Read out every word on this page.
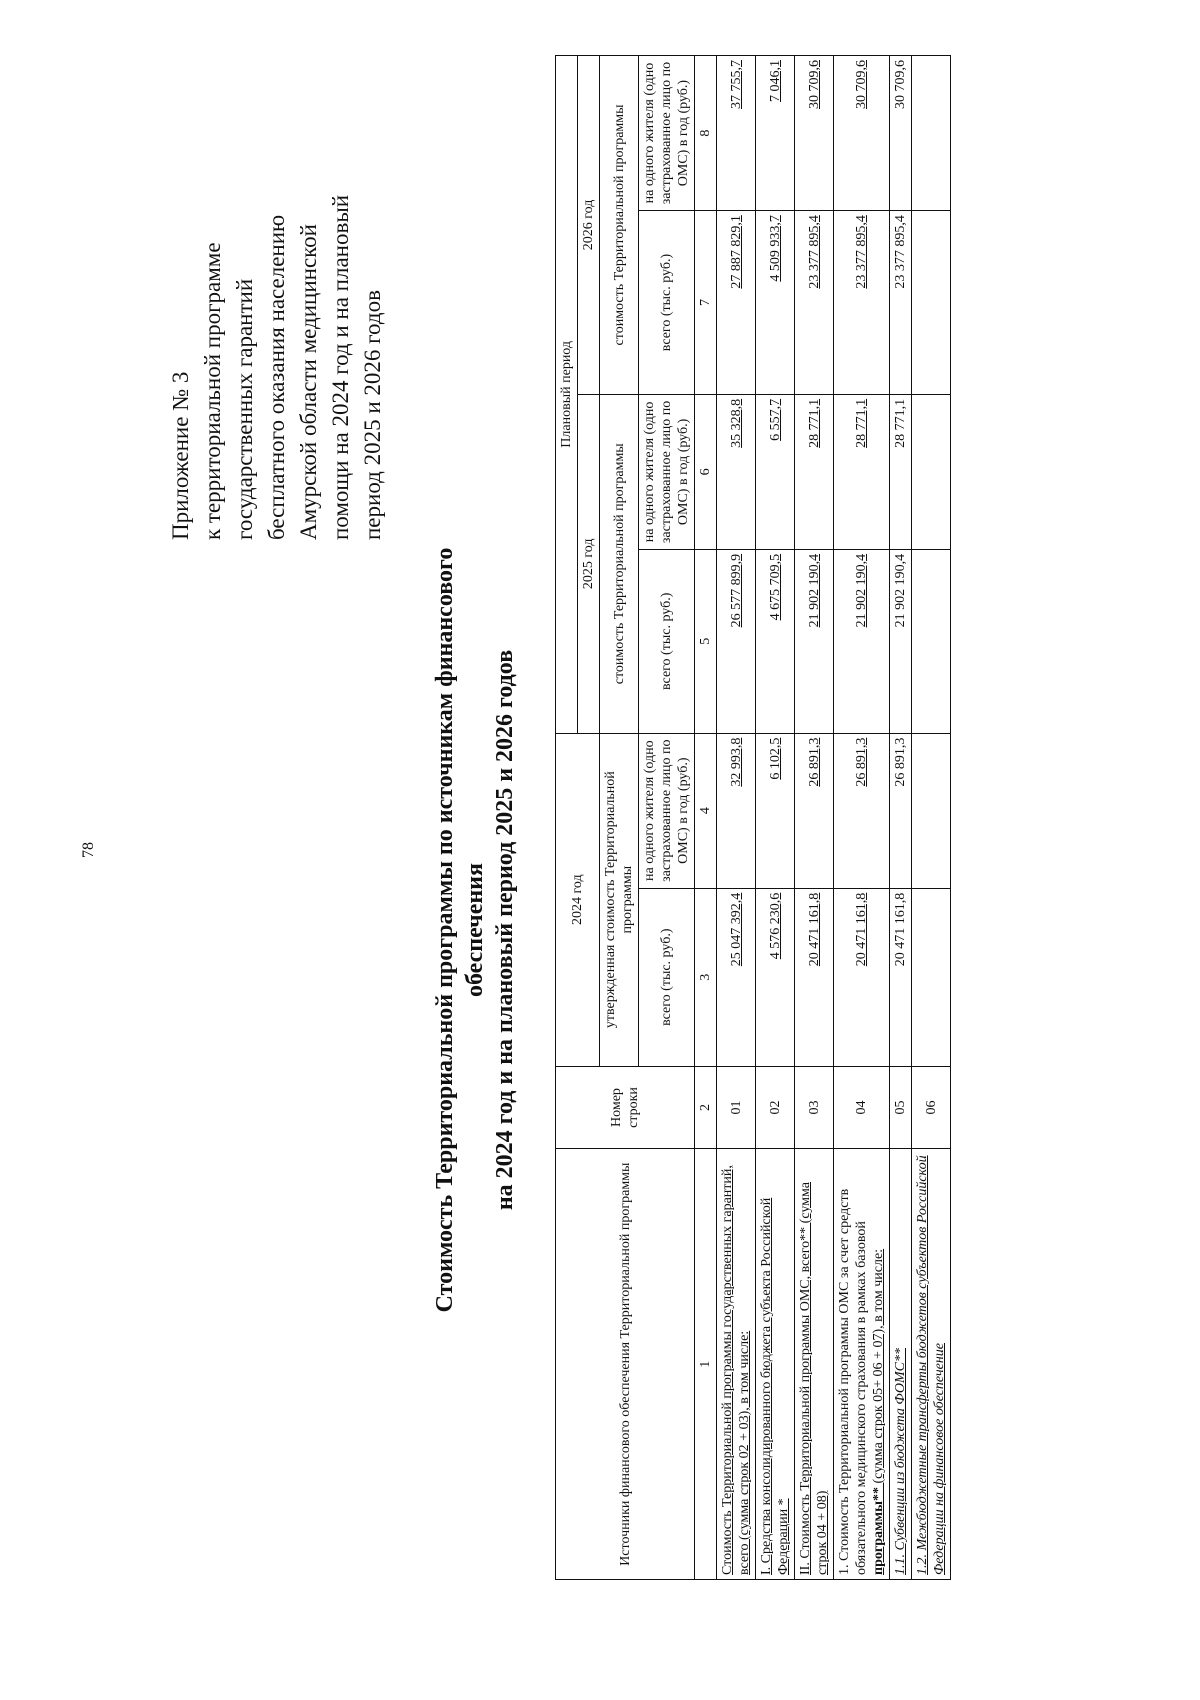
78
Приложение № 3 к территориальной программе государственных гарантий бесплатного оказания населению Амурской области медицинской помощи на 2024 год и на плановый период 2025 и 2026 годов
Стоимость Территориальной программы по источникам финансового обеспечения на 2024 год и на плановый период 2025 и 2026 годов
Источники финансового обеспечения Территориальной программы	Номер строки	2024 год		Плановый период			
				2025 год		2026 год	
		утвержденная стоимость Территориальной программы		стоимость Территориальной программы		стоимость Территориальной программы	
		всего (тыс. руб.)	на одного жителя (одно застрахованное лицо по ОМС) в год (руб.)	всего (тыс. руб.)	на одного жителя (одно застрахованное лицо по ОМС) в год (руб.)	всего (тыс. руб.)	на одного жителя (одно застрахованное лицо по ОМС) в год (руб.)
1	2	3	4	5	6	7	8
Стоимость Территориальной программы государственных гарантий, всего (сумма строк 02 + 03), в том числе:	01	25 047 392,4	32 993,8	26 577 899,9	35 328,8	27 887 829,1	37 755,7
I. Средства консолидированного бюджета субъекта Российской Федерации *	02	4 576 230,6	6 102,5	4 675 709,5	6 557,7	4 509 933,7	7 046,1
II. Стоимость Территориальной программы ОМС, всего** (сумма строк 04 + 08)	03	20 471 161,8	26 891,3	21 902 190,4	28 771,1	23 377 895,4	30 709,6
1. Стоимость Территориальной программы ОМС за счет средств обязательного медицинского страхования в рамках базовой программы** (сумма строк 05+ 06 + 07), в том числе:	04	20 471 161,8	26 891,3	21 902 190,4	28 771,1	23 377 895,4	30 709,6
1.1. Субвенции из бюджета ФОМС**	05	20 471 161,8	26 891,3	21 902 190,4	28 771,1	23 377 895,4	30 709,6
1.2. Межбюджетные трансферты бюджетов субъектов Российской Федерации на финансовое обеспечение	06						
